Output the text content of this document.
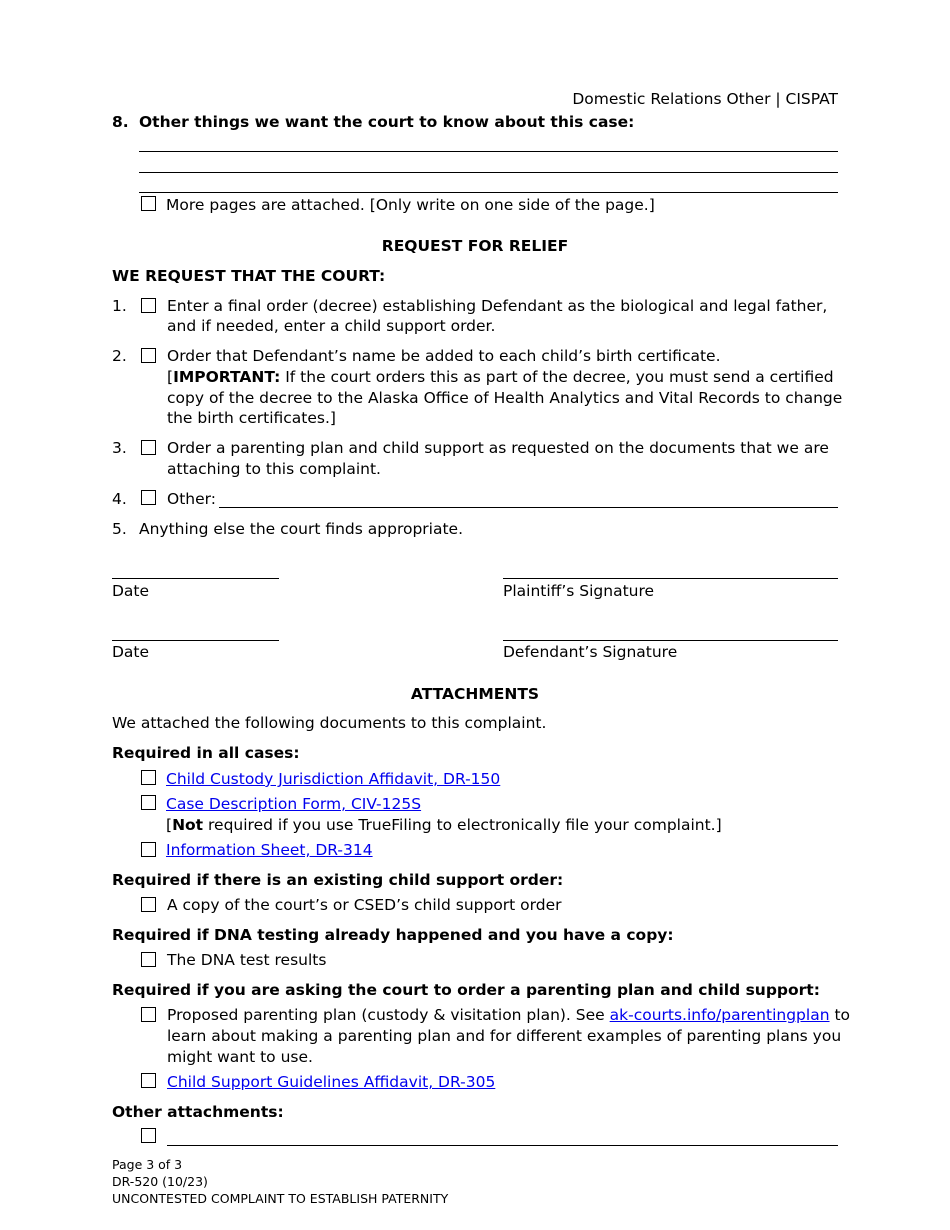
Domestic Relations Other | CISPAT
8. Other things we want the court to know about this case:
More pages are attached. [Only write on one side of the page.]
REQUEST FOR RELIEF
WE REQUEST THAT THE COURT:
1.	Enter a final order (decree) establishing Defendant as the biological and legal father,
and if needed, enter a child support order.
2.	Order that Defendant’s name be added to each child’s birth certificate.
[IMPORTANT: If the court orders this as part of the decree, you must send a certified
copy of the decree to the Alaska Office of Health Analytics and Vital Records to change
the birth certificates.]
3.	Order a parenting plan and child support as requested on the documents that we are
attaching to this complaint.
4.	Other:
5. Anything else the court finds appropriate.
Date	Plaintiff’s Signature
Date	Defendant’s Signature
ATTACHMENTS
We attached the following documents to this complaint.
Required in all cases:
Child Custody Jurisdiction Affidavit, DR-150
Case Description Form, CIV-125S
[Not required if you use TrueFiling to electronically file your complaint.]
Information Sheet, DR-314
Required if there is an existing child support order:
A copy of the court’s or CSED’s child support order
Required if DNA testing already happened and you have a copy:
The DNA test results
Required if you are asking the court to order a parenting plan and child support:
Proposed parenting plan (custody & visitation plan). See ak-courts.info/parentingplan to
learn about making a parenting plan and for different examples of parenting plans you
might want to use.
Child Support Guidelines Affidavit, DR-305
Other attachments:
Page 3 of 3
DR-520 (10/23)
UNCONTESTED COMPLAINT TO ESTABLISH PATERNITY
